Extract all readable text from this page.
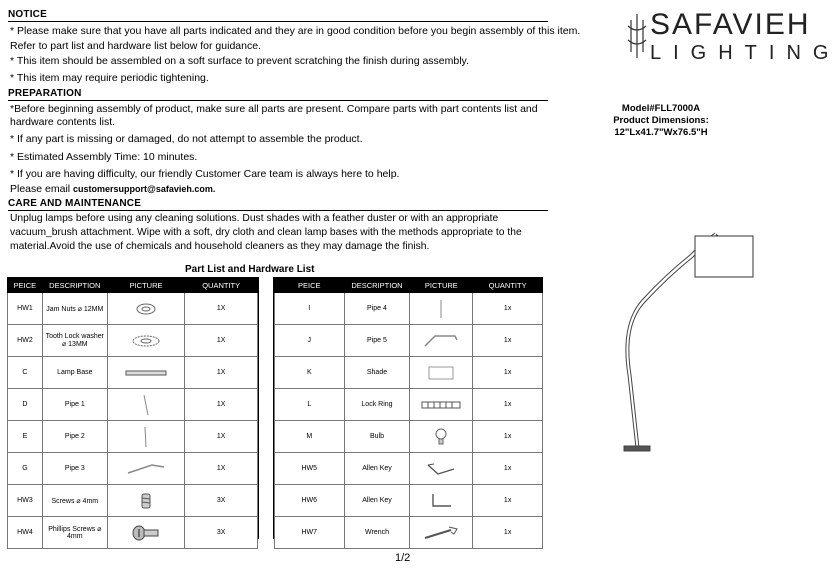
NOTICE
* Please make sure that you have all parts indicated and they are in good condition before you begin assembly of this item.
Refer to part list and hardware list below for guidance.
* This item should be assembled on a soft surface to prevent scratching the finish during assembly.
* This item may require periodic tightening.
PREPARATION
*Before beginning assembly of product, make sure all parts are present. Compare parts with part contents list and hardware contents list.
* If any part is missing or damaged, do not attempt to assemble the product.
* Estimated Assembly Time: 10 minutes.
* If you are having difficulty, our friendly Customer Care team is always here to help.
Please email customersupport@safavieh.com.
CARE AND MAINTENANCE
Unplug lamps before using any cleaning solutions. Dust shades with a feather duster or with an appropriate vacuum_brush attachment. Wipe with a soft, dry cloth and clean lamp bases with the methods appropriate to the material.Avoid the use of chemicals and household cleaners as they may damage the finish.
SAFAVIEH
LIGHTING
Model#FLL7000A
Product Dimensions:
12"Lx41.7"Wx76.5"H
Part List and Hardware List
PEICE	DESCRIPTION	PICTURE	QUANTITY
HW1	Jam Nuts ⌀ 12MM		1X
HW2	Tooth Lock washer ⌀ 13MM		1X
C	Lamp Base		1X
D	Pipe 1		1X
E	Pipe 2		1X
G	Pipe 3		1X
HW3	Screws ⌀ 4mm		3X
HW4	Phillips Screws ⌀ 4mm		3X
PEICE	DESCRIPTION	PICTURE	QUANTITY
I	Pipe 4		1x
J	Pipe 5		1x
K	Shade		1x
L	Lock Ring		1x
M	Bulb		1x
HW5	Allen Key		1x
HW6	Allen Key		1x
HW7	Wrench		1x
1/2
